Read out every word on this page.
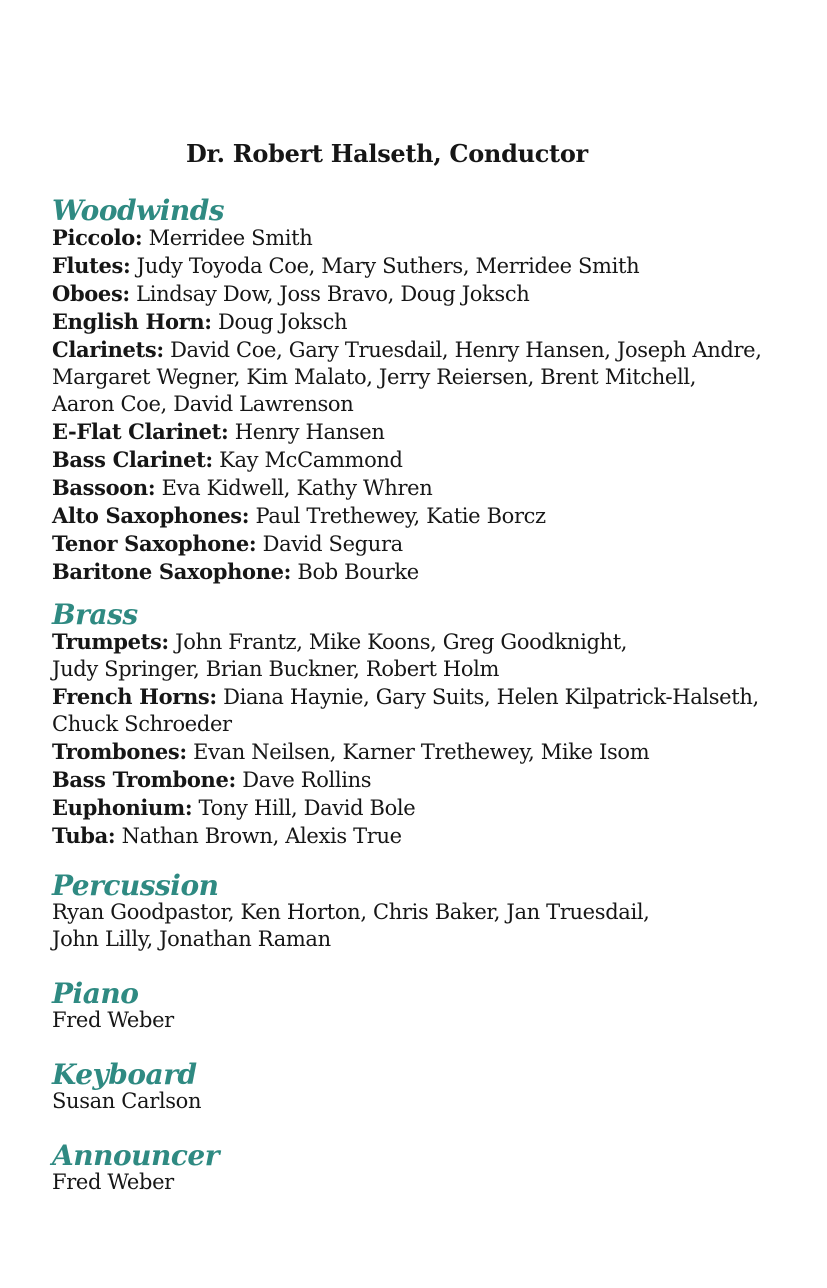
Dr. Robert Halseth, Conductor
Woodwinds

Piccolo: Merridee Smith

Flutes: Judy Toyoda Coe, Mary Suthers, Merridee Smith

Oboes: Lindsay Dow, Joss Bravo, Doug Joksch

English Horn: Doug Joksch

Clarinets: David Coe, Gary Truesdail, Henry Hansen, Joseph Andre,

Margaret Wegner, Kim Malato, Jerry Reiersen, Brent Mitchell,

Aaron Coe, David Lawrenson

E-Flat Clarinet: Henry Hansen

Bass Clarinet: Kay McCammond

Bassoon: Eva Kidwell, Kathy Whren

Alto Saxophones: Paul Trethewey, Katie Borcz

Tenor Saxophone: David Segura

Baritone Saxophone: Bob Bourke

Brass

Trumpets: John Frantz, Mike Koons, Greg Goodknight,

Judy Springer, Brian Buckner, Robert Holm

French Horns: Diana Haynie, Gary Suits, Helen Kilpatrick-Halseth,

Chuck Schroeder

Trombones: Evan Neilsen, Karner Trethewey, Mike Isom

Bass Trombone: Dave Rollins

Euphonium: Tony Hill, David Bole

Tuba: Nathan Brown, Alexis True

Percussion

Ryan Goodpastor, Ken Horton, Chris Baker, Jan Truesdail,

John Lilly, Jonathan Raman

Piano

Fred Weber

Keyboard

Susan Carlson

Announcer

Fred Weber
